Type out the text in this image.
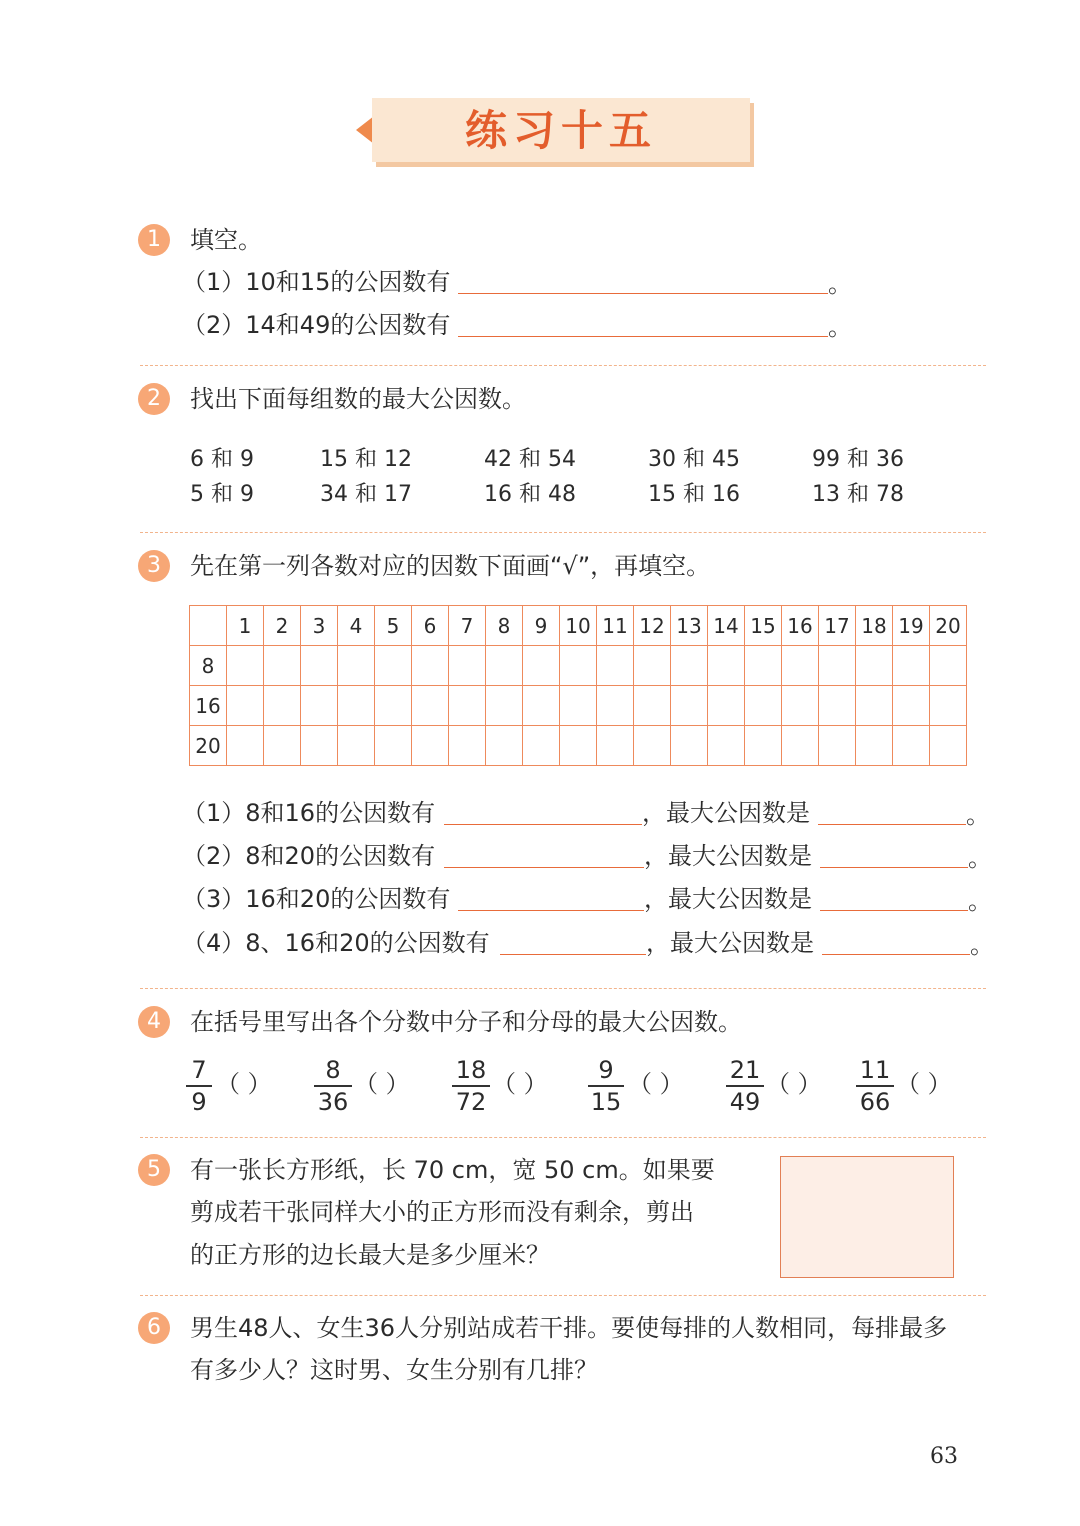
练习十五
1	填空。
（1）10和15的公因数有	。
（2）14和49的公因数有	。
2	找出下面每组数的最大公因数。
6 和 9	15 和 12	42 和 54	30 和 45	99 和 36
5 和 9	34 和 17	16 和 48	15 和 16	13 和 78
3	先在第一列各数对应的因数下面画“√”，再填空。
	1	2	3	4	5	6	7	8	9	10	11	12	13	14	15	16	17	18	19	20
8																				
16																				
20																				
（1）8和16的公因数有	，最大公因数是	。
（2）8和20的公因数有	，最大公因数是	。
（3）16和20的公因数有	，最大公因数是	。
（4）8、16和20的公因数有	，最大公因数是	。
4	在括号里写出各个分数中分子和分母的最大公因数。
7
9
（ ）	8
36
（ ） 18
72
（ ）	9
15
（ ） 21
49
（ ） 11
66
（ ）
5	有一张长方形纸，长 70 cm，宽 50 cm。如果要
剪成若干张同样大小的正方形而没有剩余，剪出
的正方形的边长最大是多少厘米？
6	男生48人、女生36人分别站成若干排。要使每排的人数相同，每排最多
有多少人？这时男、女生分别有几排？
63
